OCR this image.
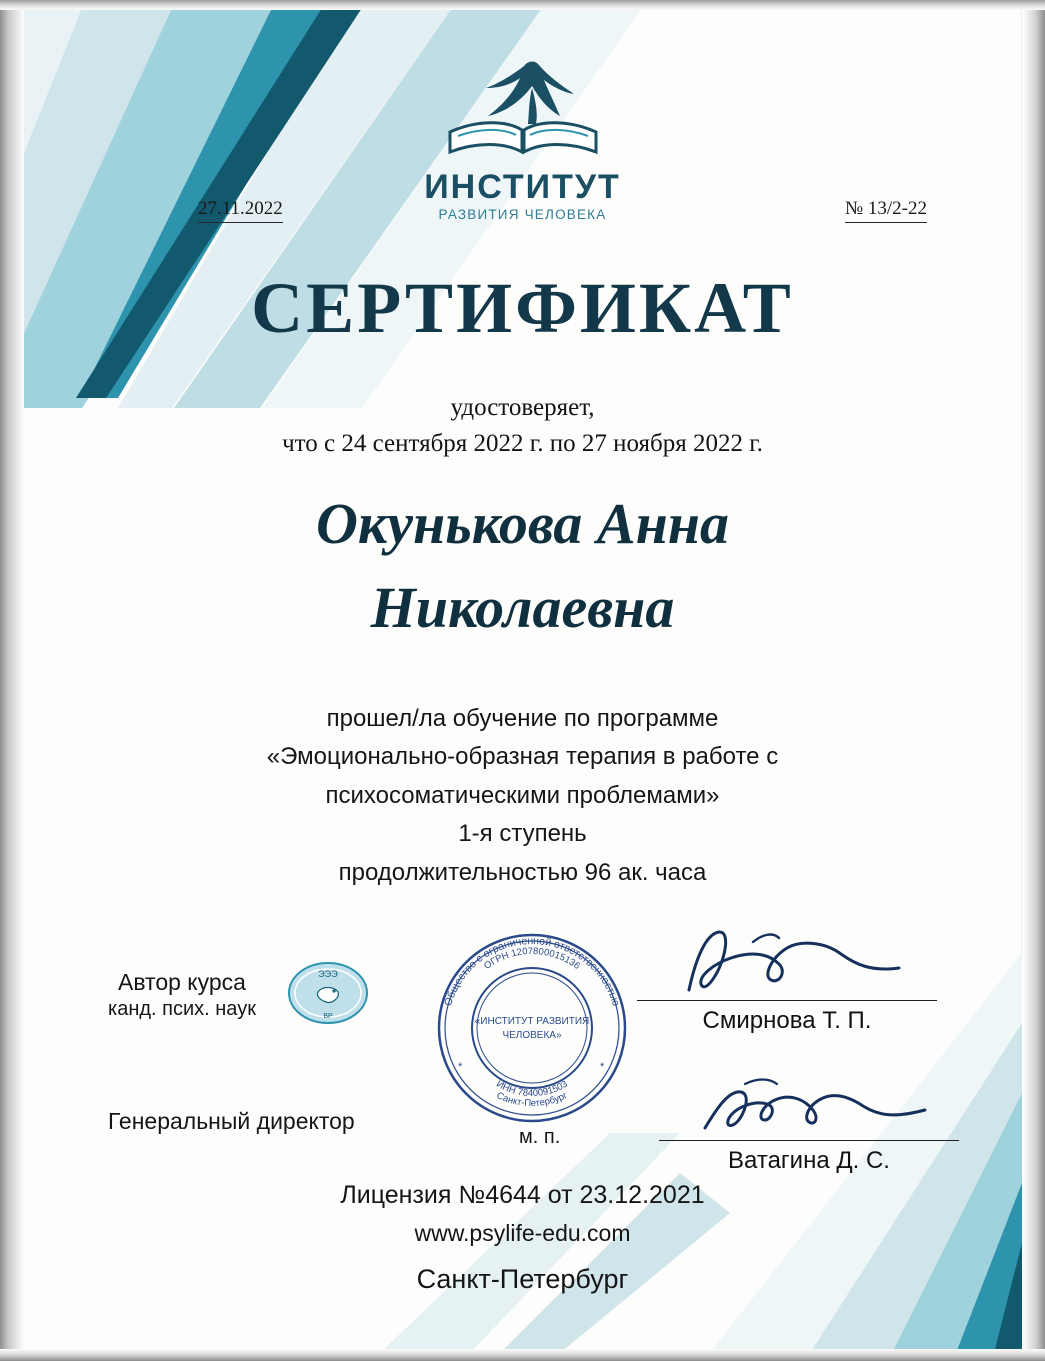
ИНСТИТУТ
РАЗВИТИЯ ЧЕЛОВЕКА
27.11.2022	№ 13/2-22
СЕРТИФИКАТ
удостоверяет,
что с 24 сентября 2022 г. по 27 ноября 2022 г.
Окунькова Анна
Николаевна
прошел/ла обучение по программе
«Эмоционально-образная терапия в работе с
психосоматическими проблемами»
1-я ступень
продолжительностью 96 ак. часа
ЭЭЭ
ВР
Общество с ограниченной ответственностью
ОГРН 1207800015136
Санкт-Петербург
ИНН 7840091503
«ИНСТИТУТ РАЗВИТИЯ
ЧЕЛОВЕКА»
*	*
Автор курса
канд. псих. наук
Генеральный директор
м. п.
Смирнова Т. П.
Ватагина Д. С.
Лицензия №4644 от 23.12.2021
www.psylife-edu.com
Санкт-Петербург
